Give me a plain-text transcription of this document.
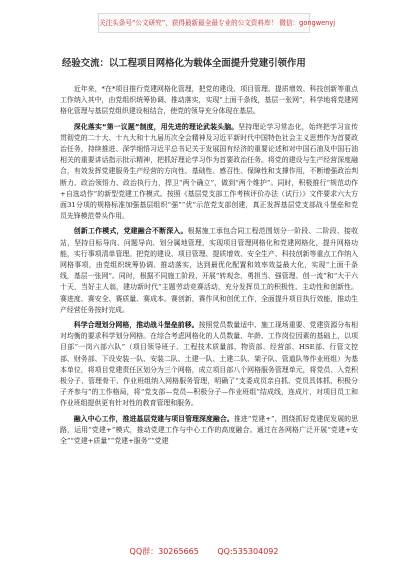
关注头条号“公文研究”，获得最新最全最专业的公文资料库！ 微信：gongwenyj
经验交流：以工程项目网格化为载体全面提升党建引领作用

近年来，*在*项目推行党建网格化管理，把党的建设、项目管理、提质增效、科技创新等重点工作纳入其中，由党组织统筹协调、推动落实，实现“上面千条线，基层一张网”，科学地将党建网格化管理与基层党组织建设相结合，使党的领导充分体现在基层。

深化落实“第一议题”制度，用先进的理论武装头脑。坚持理论学习常态化，始终把学习宣传贯彻党的二十大、十九大和十九届历次全会精神及习近平新时代中国特色社会主义思想作为首要政治任务，持续推进、深学细悟习近平总书记关于发展国有经济的重要论述和对中国石油及中国石油相关的重要讲话指示批示精神，把抓好理论学习作为首要政治任务。将党的建设与生产经营深度融合，有效发挥党建服务生产经营的方向性、基础性、感召性、保障性和支撑作用，不断增强政治判断力、政治领悟力、政治执行力，捍卫“两个确立”，做到“两个维护”。同时，积极推行“规范动作+自选动作”的新型党建工作模式。按照《基层党支部工作考核评价办法（试行）》文件要求六大方面31分项的规格标准加强基层组织“强”“优”示范党支部创建，真正发挥基层党支部战斗堡垒和党员先锋模范带头作用。

创新工作模式，党建融合不断深入。根据施工承包合同工程范围划分一阶段、二阶段、接收站，坚持目标导向、问题导向、划分属地管理，实现项目管理网格化和党建网格化，提升网格功能，实行事项清单管理。把党的建设、项目管理、提质增效、安全生产、科技创新等重点工作纳入网格事项，由党组织统筹协调、推动落实，达到最优化配置和效率效益最大化，实现“上面千条线，基层一张网”。同时，根据不同施工阶段，开展“转观念、勇担当、强管理、创一流”和“大干六十天，当好主人翁，建功新时代”主题劳动竞赛活动，充分发挥员工的积极性、主动性和创新性。赛进度、赛安全、赛质量、赛成本。赛创新，赛作风和创优工作，全面提升项目执行效能，推动生产经营任务按时完成。

科学合理划分网格，推动战斗堡垒前移。按照党员数量适中、施工现场重要、党建资源分布相对均衡的要求科学划分网格。在综合考虑网格化的人员数量、年龄、工作岗位因素的基础上，以项目部“一岗六部六队”（项目领导班子、工程技术质量部、物资部、经营部、HSE部、行管文控部、财务部、下设安装一队、安装二队、土建一队、土建二队、架子队、管道队等作业班组）为基本单位，将项目党建责任区划分为三个网格，成立项目部八个网格服务管理单元，将党员、入党积极分子、管理骨干、作业班组纳入网格服务管理，明确了“支委成员亲自抓、党员具体抓、积极分子齐参与”的工作格局，将“党支部—党员—积极分子—作业班组”结成线，连成片，对项目员工和作业班组提供更有针对性的教育管理和服务。

融入中心工作，推进基层党建与项目管理深度融合。推进“党建+”，围绕抓好党建促发展的思路，运用“党建+”模式，推动党建工作与中心工作的高度融合。通过在各网格广泛开展“党建+安全”“党建+质量”“党建+服务”“党建

QQ群：30265665 QQ:535304092
